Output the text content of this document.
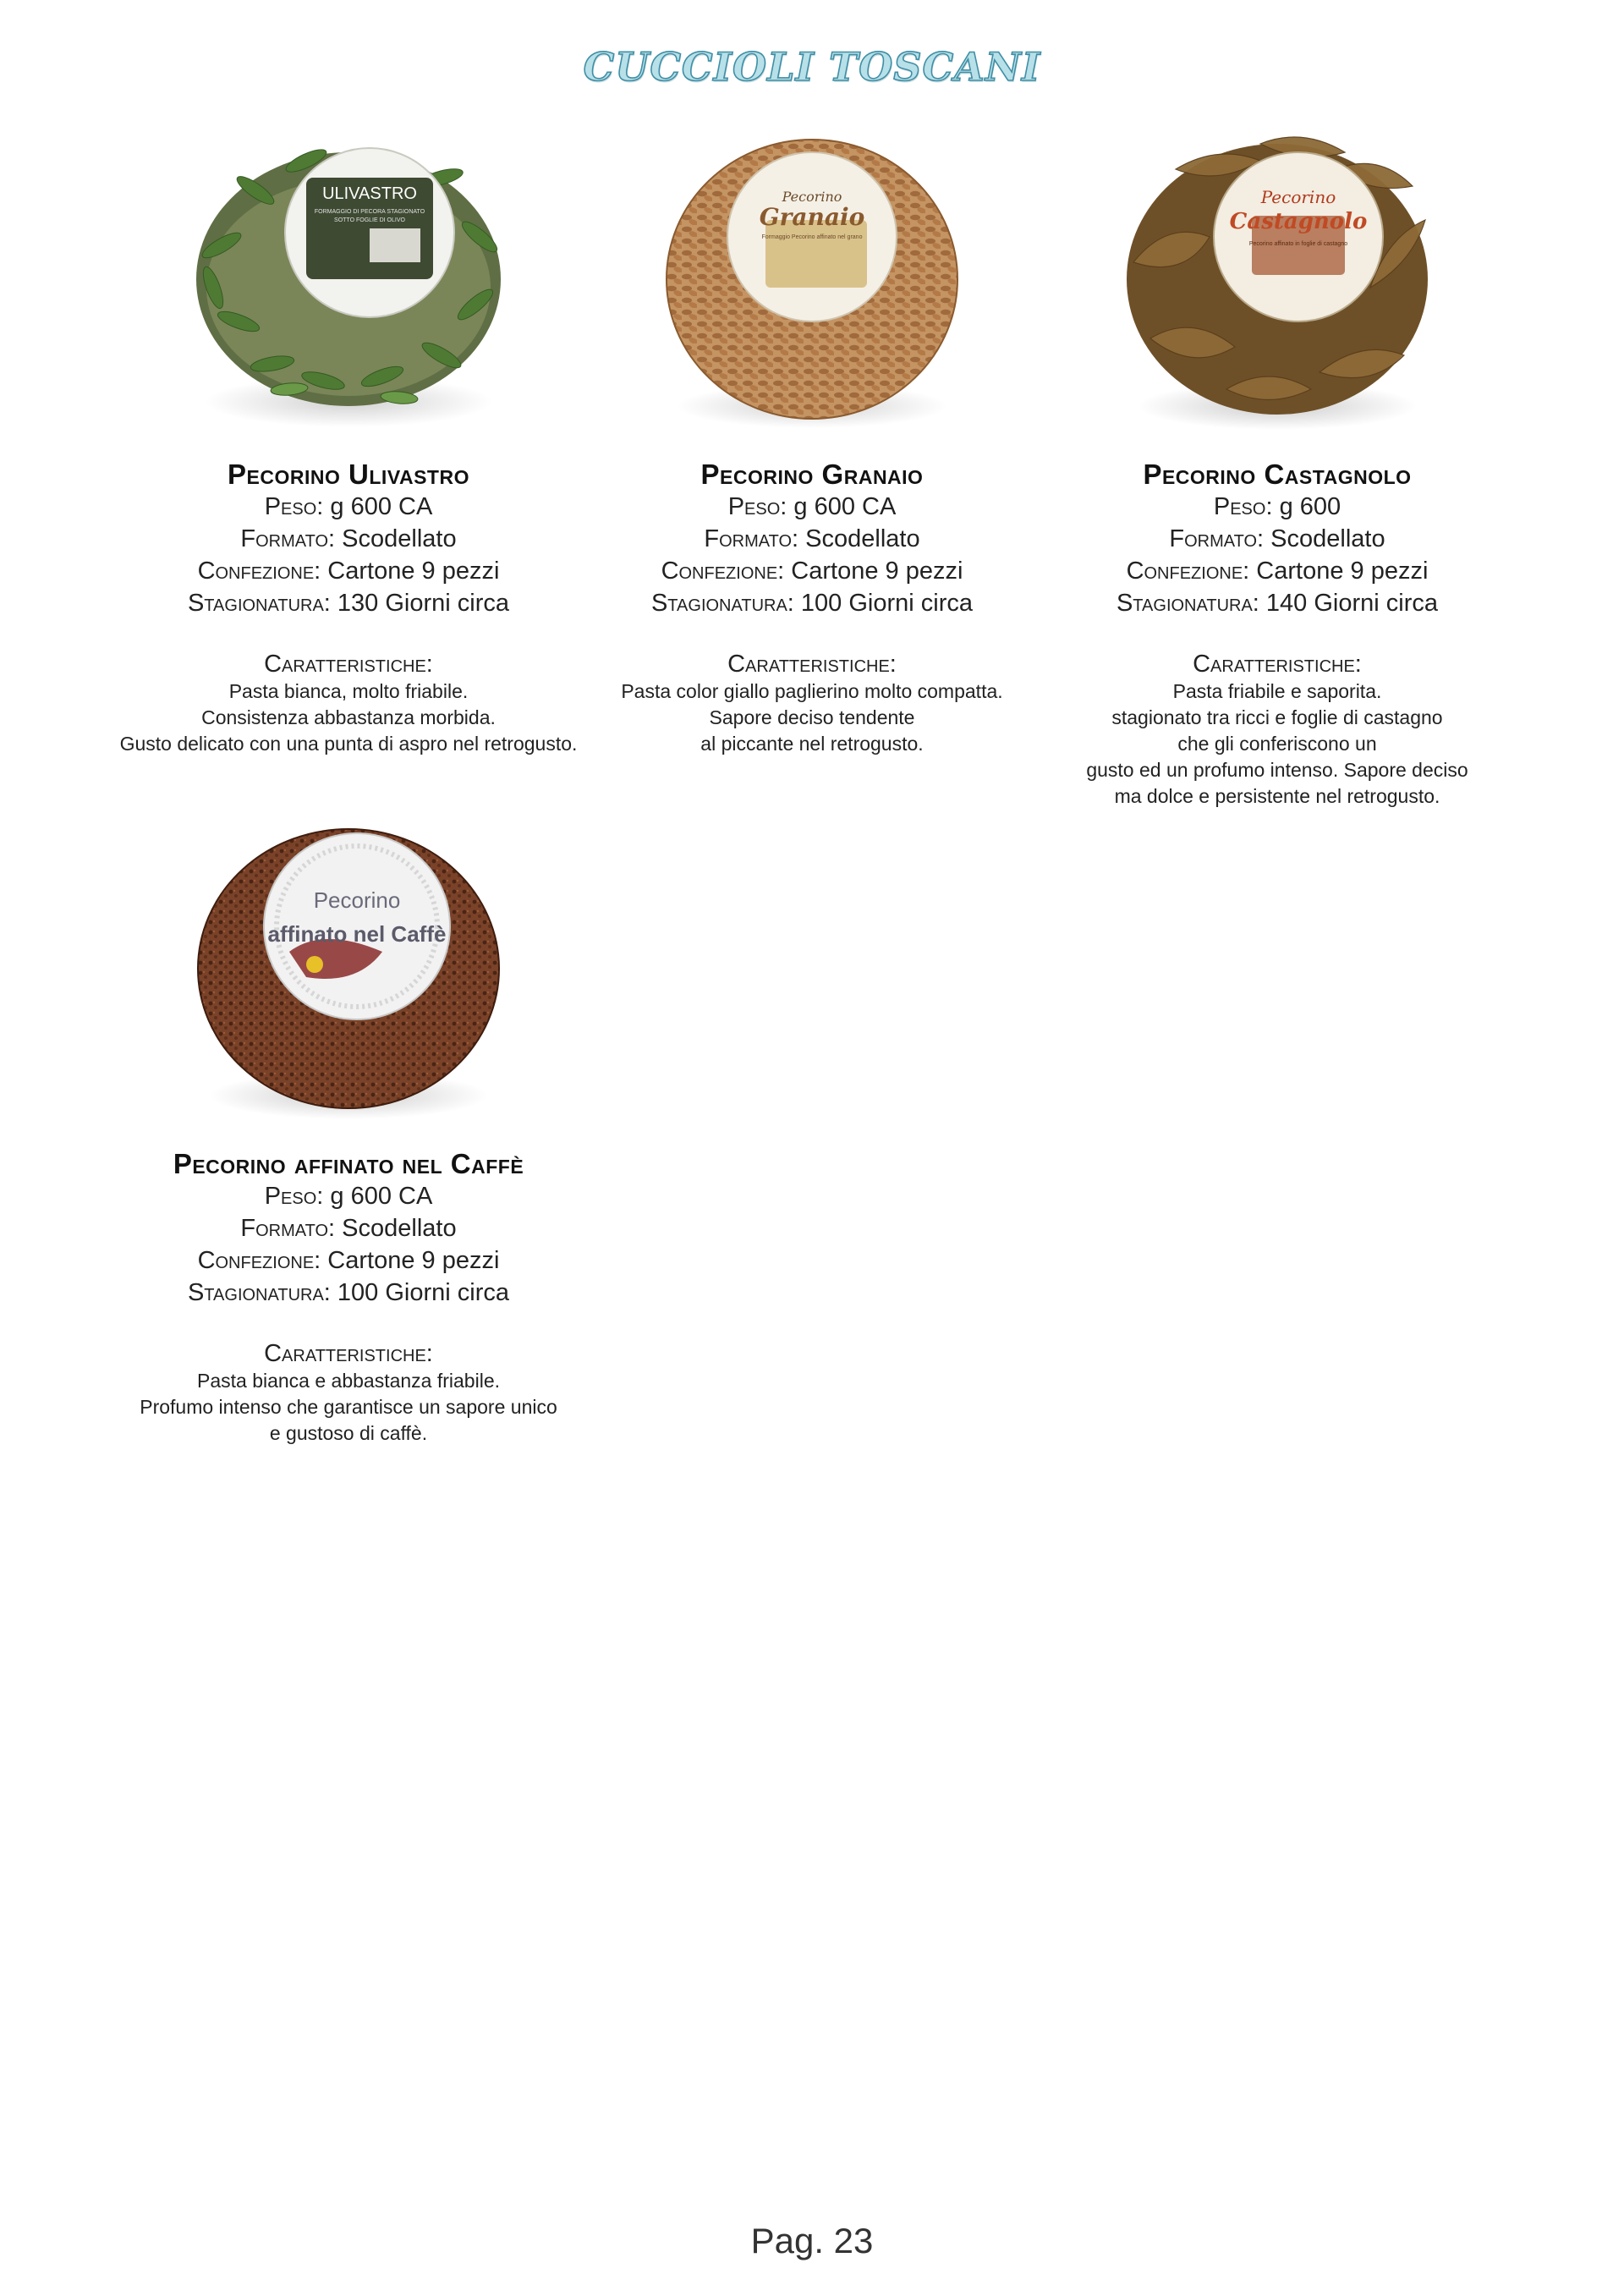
CUCCIOLI TOSCANI
ULIVASTRO
FORMAGGIO DI PECORA STAGIONATO
SOTTO FOGLIE DI OLIVO
Pecorino Ulivastro
Peso: g 600 CA
Formato: Scodellato
Confezione: Cartone 9 pezzi
Stagionatura: 130 Giorni circa
Caratteristiche:
Pasta bianca, molto friabile.
Consistenza abbastanza morbida.
Gusto delicato con una punta di aspro nel retrogusto.
Pecorino
Granaio
Formaggio Pecorino affinato nel grano
Pecorino Granaio
Peso: g 600 CA
Formato: Scodellato
Confezione: Cartone 9 pezzi
Stagionatura: 100 Giorni circa
Caratteristiche:
Pasta color giallo paglierino molto compatta.
Sapore deciso tendente
al piccante nel retrogusto.
Pecorino
Castagnolo
Pecorino affinato in foglie di castagno
Pecorino Castagnolo
Peso: g 600
Formato: Scodellato
Confezione: Cartone 9 pezzi
Stagionatura: 140 Giorni circa
Caratteristiche:
Pasta friabile e saporita.
stagionato tra ricci e foglie di castagno
che gli conferiscono un
gusto ed un profumo intenso. Sapore deciso
ma dolce e persistente nel retrogusto.
Pecorino
affinato nel Caffè
Pecorino affinato nel Caffè
Peso: g 600 CA
Formato: Scodellato
Confezione: Cartone 9 pezzi
Stagionatura: 100 Giorni circa
Caratteristiche:
Pasta bianca e abbastanza friabile.
Profumo intenso che garantisce un sapore unico
e gustoso di caffè.
Pag. 23
